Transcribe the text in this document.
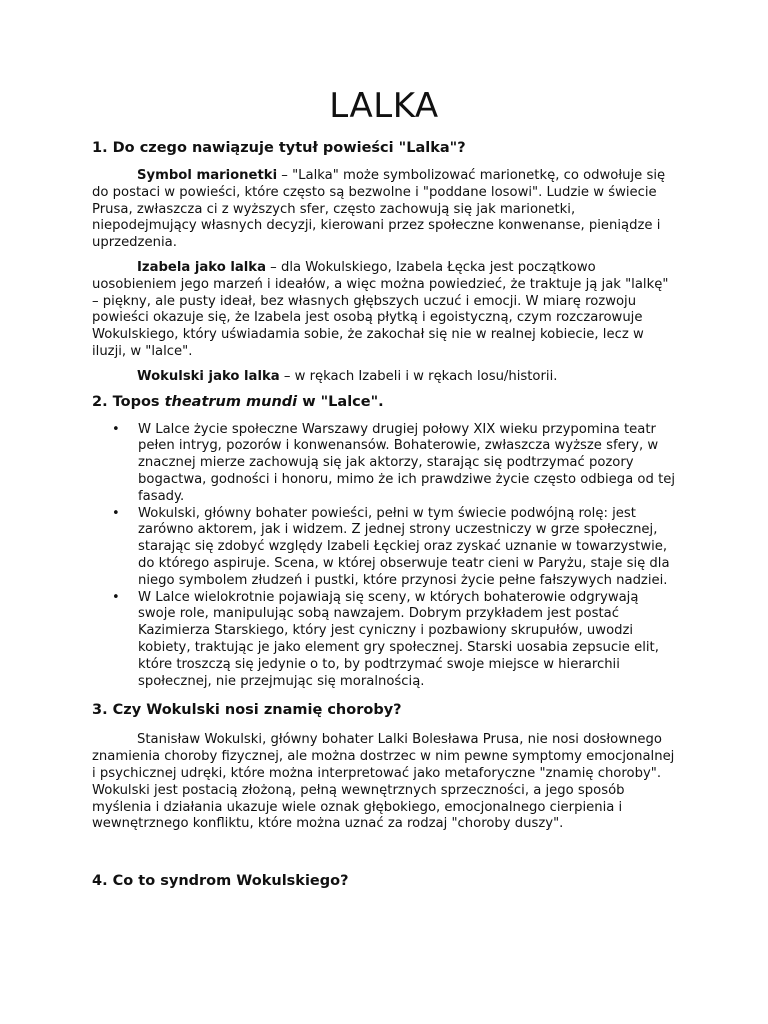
LALKA
1. Do czego nawiązuje tytuł powieści "Lalka"?

Symbol marionetki – "Lalka" może symbolizować marionetkę, co odwołuje się do postaci w powieści, które często są bezwolne i "poddane losowi". Ludzie w świecie Prusa, zwłaszcza ci z wyższych sfer, często zachowują się jak marionetki, niepodejmujący własnych decyzji, kierowani przez społeczne konwenanse, pieniądze i uprzedzenia.

Izabela jako lalka – dla Wokulskiego, Izabela Łęcka jest początkowo uosobieniem jego marzeń i ideałów, a więc można powiedzieć, że traktuje ją jak "lalkę" – piękny, ale pusty ideał, bez własnych głębszych uczuć i emocji. W miarę rozwoju powieści okazuje się, że Izabela jest osobą płytką i egoistyczną, czym rozczarowuje Wokulskiego, który uświadamia sobie, że zakochał się nie w realnej kobiecie, lecz w iluzji, w "lalce".

Wokulski jako lalka – w rękach Izabeli i w rękach losu/historii.

2. Topos theatrum mundi w "Lalce".
• W Lalce życie społeczne Warszawy drugiej połowy XIX wieku przypomina teatr pełen intryg, pozorów i konwenansów. Bohaterowie, zwłaszcza wyższe sfery, w znacznej mierze zachowują się jak aktorzy, starając się podtrzymać pozory bogactwa, godności i honoru, mimo że ich prawdziwe życie często odbiega od tej fasady.
• Wokulski, główny bohater powieści, pełni w tym świecie podwójną rolę: jest zarówno aktorem, jak i widzem. Z jednej strony uczestniczy w grze społecznej, starając się zdobyć względy Izabeli Łęckiej oraz zyskać uznanie w towarzystwie, do którego aspiruje. Scena, w której obserwuje teatr cieni w Paryżu, staje się dla niego symbolem złudzeń i pustki, które przynosi życie pełne fałszywych nadziei.
• W Lalce wielokrotnie pojawiają się sceny, w których bohaterowie odgrywają swoje role, manipulując sobą nawzajem. Dobrym przykładem jest postać Kazimierza Starskiego, który jest cyniczny i pozbawiony skrupułów, uwodzi kobiety, traktując je jako element gry społecznej. Starski uosabia zepsucie elit, które troszczą się jedynie o to, by podtrzymać swoje miejsce w hierarchii społecznej, nie przejmując się moralnością.
3. Czy Wokulski nosi znamię choroby?

Stanisław Wokulski, główny bohater Lalki Bolesława Prusa, nie nosi dosłownego znamienia choroby fizycznej, ale można dostrzec w nim pewne symptomy emocjonalnej i psychicznej udręki, które można interpretować jako metaforyczne "znamię choroby". Wokulski jest postacią złożoną, pełną wewnętrznych sprzeczności, a jego sposób myślenia i działania ukazuje wiele oznak głębokiego, emocjonalnego cierpienia i wewnętrznego konfliktu, które można uznać za rodzaj "choroby duszy".

4. Co to syndrom Wokulskiego?
